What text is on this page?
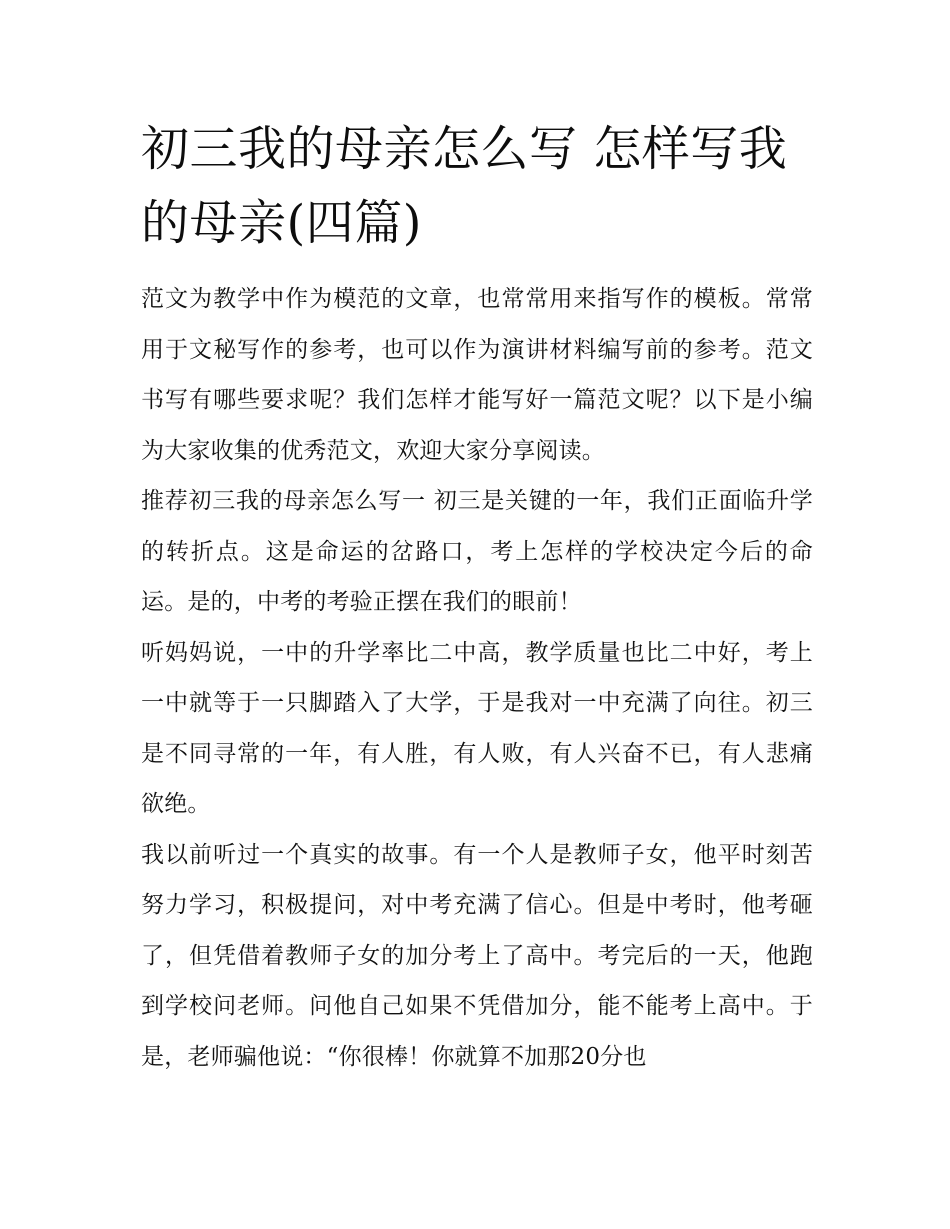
初三我的母亲怎么写 怎样写我的母亲(四篇)

范文为教学中作为模范的文章，也常常用来指写作的模板。常常用于文秘写作的参考，也可以作为演讲材料编写前的参考。范文书写有哪些要求呢？我们怎样才能写好一篇范文呢？以下是小编为大家收集的优秀范文，欢迎大家分享阅读。

推荐初三我的母亲怎么写一 初三是关键的一年，我们正面临升学的转折点。这是命运的岔路口，考上怎样的学校决定今后的命运。是的，中考的考验正摆在我们的眼前！

听妈妈说，一中的升学率比二中高，教学质量也比二中好，考上一中就等于一只脚踏入了大学，于是我对一中充满了向往。初三是不同寻常的一年，有人胜，有人败，有人兴奋不已，有人悲痛欲绝。

我以前听过一个真实的故事。有一个人是教师子女，他平时刻苦努力学习，积极提问，对中考充满了信心。但是中考时，他考砸了，但凭借着教师子女的加分考上了高中。考完后的一天，他跑到学校问老师。问他自己如果不凭借加分，能不能考上高中。于是，老师骗他说：“你很棒！你就算不加那20分也
